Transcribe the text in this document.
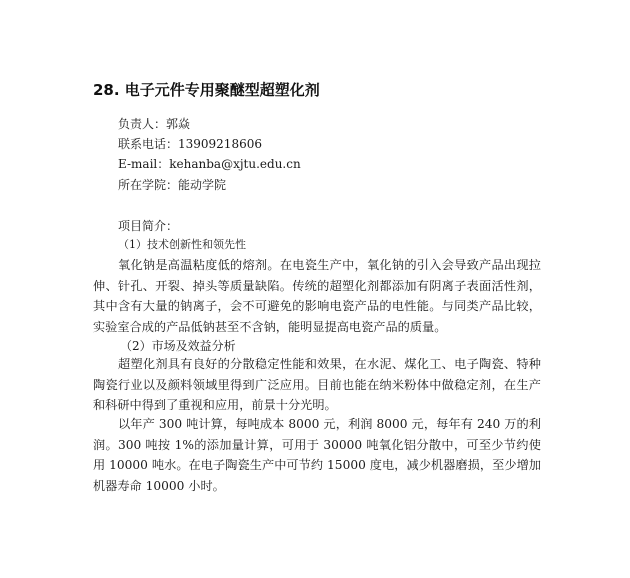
28. 电子元件专用聚醚型超塑化剂
负责人：郭焱
联系电话：13909218606
E-mail：kehanba@xjtu.edu.cn
所在学院：能动学院
项目简介：
（1）技术创新性和领先性

氧化钠是高温粘度低的熔剂。在电瓷生产中，氧化钠的引入会导致产品出现拉伸、针孔、开裂、掉头等质量缺陷。传统的超塑化剂都添加有阴离子表面活性剂，其中含有大量的钠离子，会不可避免的影响电瓷产品的电性能。与同类产品比较，实验室合成的产品低钠甚至不含钠，能明显提高电瓷产品的质量。

（2）市场及效益分析

超塑化剂具有良好的分散稳定性能和效果，在水泥、煤化工、电子陶瓷、特种陶瓷行业以及颜料领域里得到广泛应用。目前也能在纳米粉体中做稳定剂，在生产和科研中得到了重视和应用，前景十分光明。

以年产 300 吨计算，每吨成本 8000 元，利润 8000 元，每年有 240 万的利润。300 吨按 1%的添加量计算，可用于 30000 吨氧化铝分散中，可至少节约使用 10000 吨水。在电子陶瓷生产中可节约 15000 度电，减少机器磨损，至少增加机器寿命 10000 小时。
